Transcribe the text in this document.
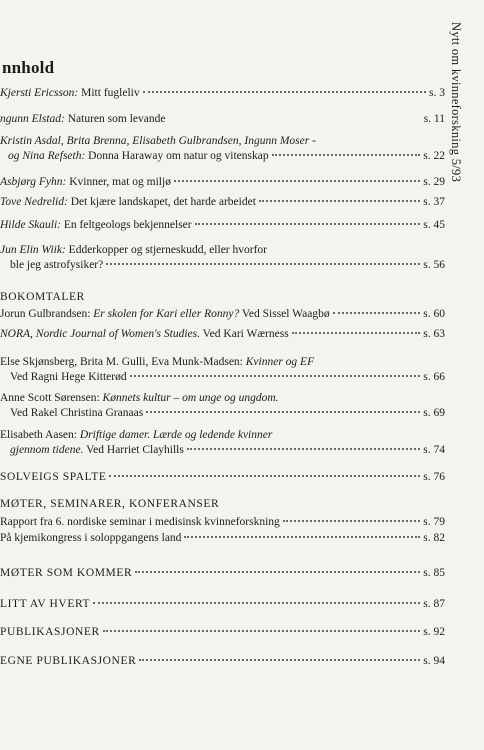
Nytt om kvinneforskning 5/93
nnhold
Kjersti Ericsson: Mitt fugleliv	s. 3
ngunn Elstad: Naturen som levande	s. 11
Kristin Asdal, Brita Brenna, Elisabeth Gulbrandsen, Ingunn Moser -
og Nina Refseth: Donna Haraway om natur og vitenskap	s. 22
Asbjørg Fyhn: Kvinner, mat og miljø	s. 29
Tove Nedrelid: Det kjære landskapet, det harde arbeidet	s. 37
Hilde Skauli: En feltgeologs bekjennelser	s. 45
Jun Elin Wiik: Edderkopper og stjerneskudd, eller hvorfor
ble jeg astrofysiker?	s. 56
BOKOMTALER
Jorun Gulbrandsen: Er skolen for Kari eller Ronny? Ved Sissel Waagbø	s. 60
NORA, Nordic Journal of Women's Studies. Ved Kari Wærness	s. 63
Else Skjønsberg, Brita M. Gulli, Eva Munk-Madsen: Kvinner og EF
Ved Ragni Hege Kitterød	s. 66
Anne Scott Sørensen: Kønnets kultur – om unge og ungdom.
Ved Rakel Christina Granaas	s. 69
Elisabeth Aasen: Driftige damer. Lærde og ledende kvinner
gjennom tidene. Ved Harriet Clayhills	s. 74
SOLVEIGS SPALTE	s. 76
MØTER, SEMINARER, KONFERANSER
Rapport fra 6. nordiske seminar i medisinsk kvinneforskning	s. 79
På kjemikongress i soloppgangens land	s. 82
MØTER SOM KOMMER	s. 85
LITT AV HVERT	s. 87
PUBLIKASJONER	s. 92
EGNE PUBLIKASJONER	s. 94
